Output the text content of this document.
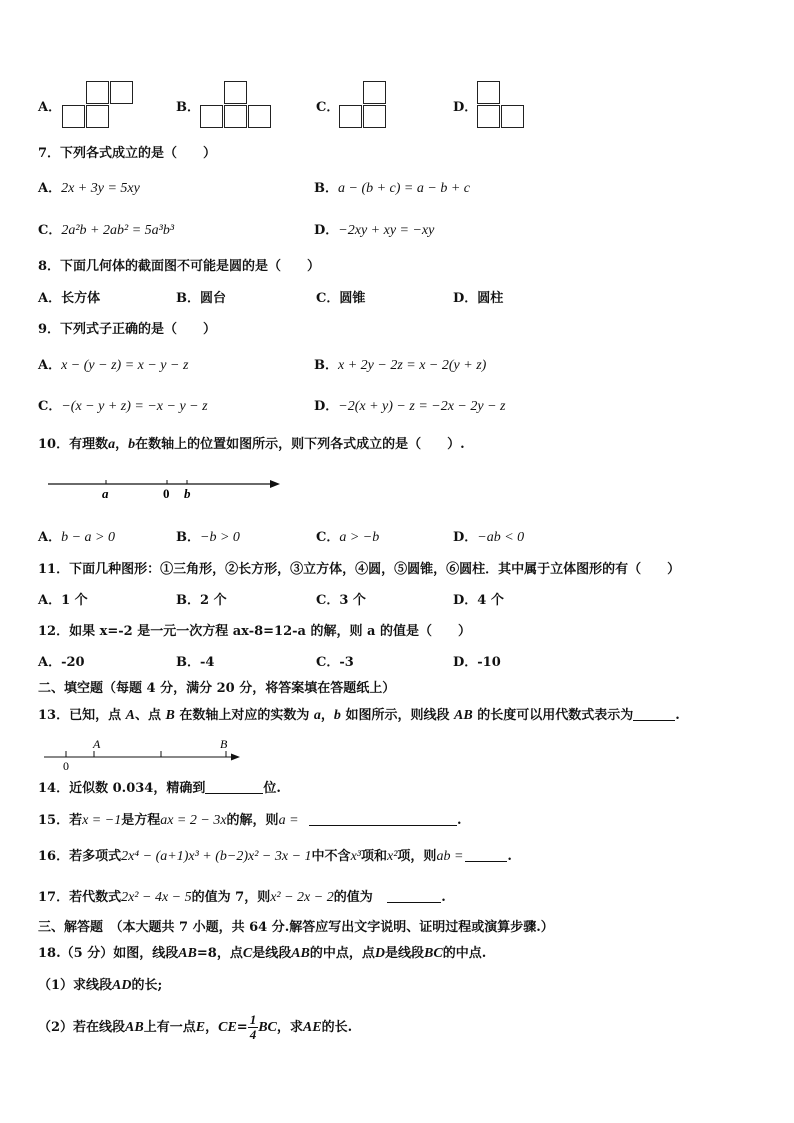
A．	B．	C．	D．
7．下列各式成立的是（　　）
A．2x + 3y = 5xy	B．a − (b + c) = a − b + c
C．2a²b + 2ab² = 5a³b³	D．−2xy + xy = −xy
8．下面几何体的截面图不可能是圆的是（　　）
A．长方体	B．圆台	C．圆锥	D．圆柱
9．下列式子正确的是（　　）
A．x − (y − z) = x − y − z	B．x + 2y − 2z = x − 2(y + z)
C．−(x − y + z) = −x − y − z	D．−2(x + y) − z = −2x − 2y − z
10．有理数a，b在数轴上的位置如图所示，则下列各式成立的是（　　）.
a	0 b
A．b − a > 0	B．−b > 0	C．a > −b	D．−ab < 0
11．下面几种图形：①三角形，②长方形，③立方体，④圆，⑤圆锥，⑥圆柱．其中属于立体图形的有（　　）
A．1 个	B．2 个	C．3 个	D．4 个
12．如果 x=-2 是一元一次方程 ax-8=12-a 的解，则 a 的值是（　　）
A．-20	B．-4	C．-3	D．-10
二、填空题（每题 4 分，满分 20 分，将答案填在答题纸上）
13．已知，点 A、点 B 在数轴上对应的实数为 a，b 如图所示，则线段 AB 的长度可以用代数式表示为	.
A	B
0
14．近似数 0.034，精确到	位.
15．若x = −1是方程ax = 2 − 3x的解，则a =	.
16．若多项式2x⁴ − (a+1)x³ + (b−2)x² − 3x − 1中不含x³项和x²项，则ab =	.
17．若代数式2x² − 4x − 5的值为 7，则x² − 2x − 2的值为	.
三、解答题　（本大题共 7 小题，共 64 分.解答应写出文字说明、证明过程或演算步骤.）
18.（5 分）如图，线段AB=8，点C是线段AB的中点，点D是线段BC的中点.
（1）求线段AD的长;
（2）若在线段AB上有一点E，$CE= \frac{1}{4}$ BC，求AE的长.
